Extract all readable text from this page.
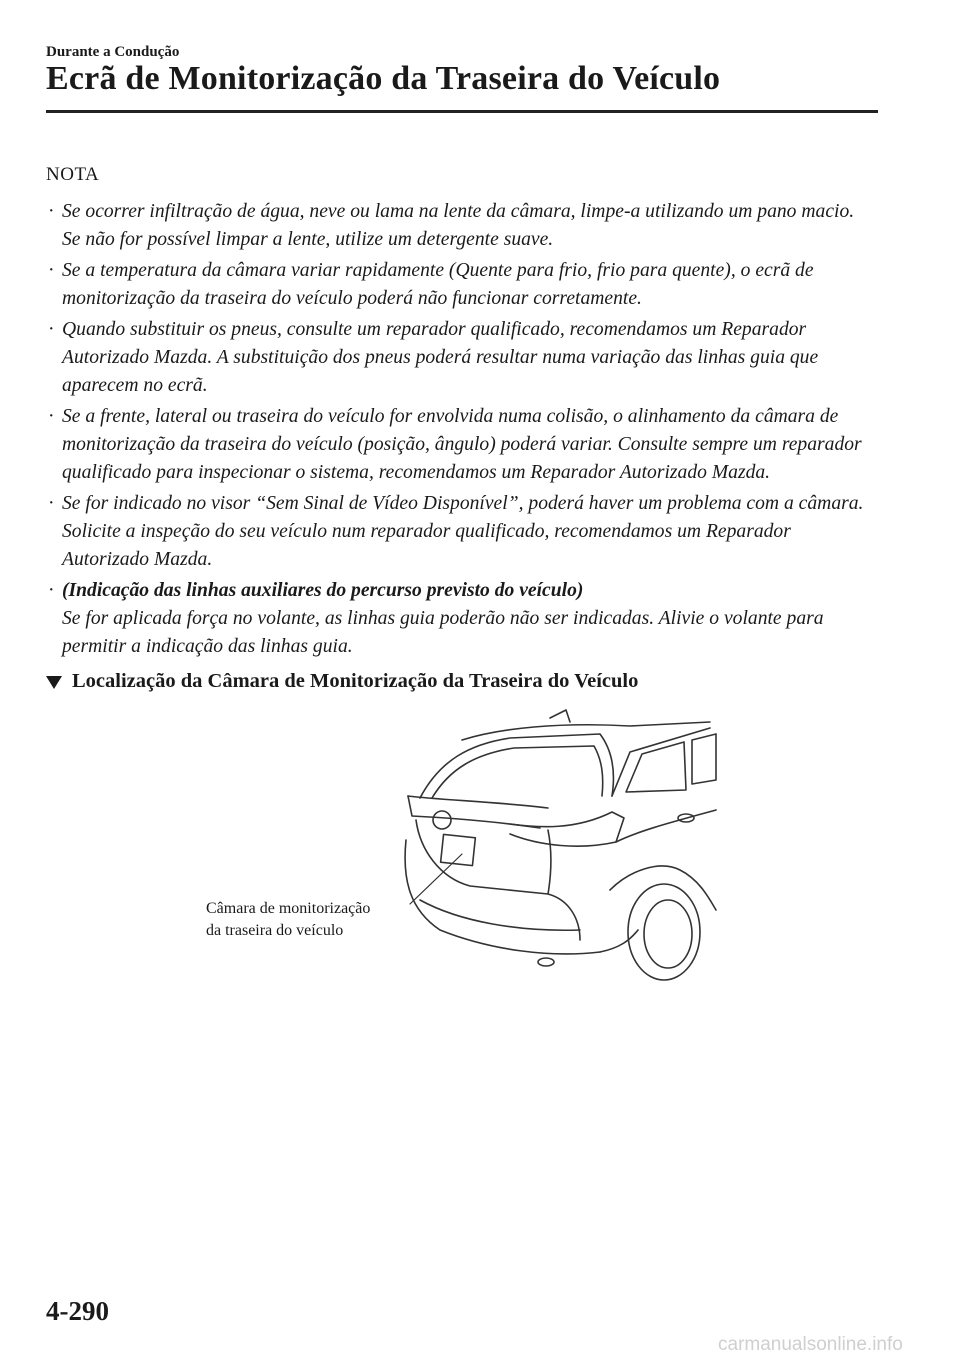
Durante a Condução

Ecrã de Monitorização da Traseira do Veículo

NOTA

· Se ocorrer infiltração de água, neve ou lama na lente da câmara, limpe-a utilizando um pano macio. Se não for possível limpar a lente, utilize um detergente suave.
· Se a temperatura da câmara variar rapidamente (Quente para frio, frio para quente), o ecrã de monitorização da traseira do veículo poderá não funcionar corretamente.
· Quando substituir os pneus, consulte um reparador qualificado, recomendamos um Reparador Autorizado Mazda. A substituição dos pneus poderá resultar numa variação das linhas guia que aparecem no ecrã.
· Se a frente, lateral ou traseira do veículo for envolvida numa colisão, o alinhamento da câmara de monitorização da traseira do veículo (posição, ângulo) poderá variar. Consulte sempre um reparador qualificado para inspecionar o sistema, recomendamos um Reparador Autorizado Mazda.
· Se for indicado no visor “Sem Sinal de Vídeo Disponível”, poderá haver um problema com a câmara. Solicite a inspeção do seu veículo num reparador qualificado, recomendamos um Reparador Autorizado Mazda.
· (Indicação das linhas auxiliares do percurso previsto do veículo)
Se for aplicada força no volante, as linhas guia poderão não ser indicadas. Alivie o volante para permitir a indicação das linhas guia.
Localização da Câmara de Monitorização da Traseira do Veículo

Câmara de monitorização
da traseira do veículo

4-290

carmanualsonline.info
